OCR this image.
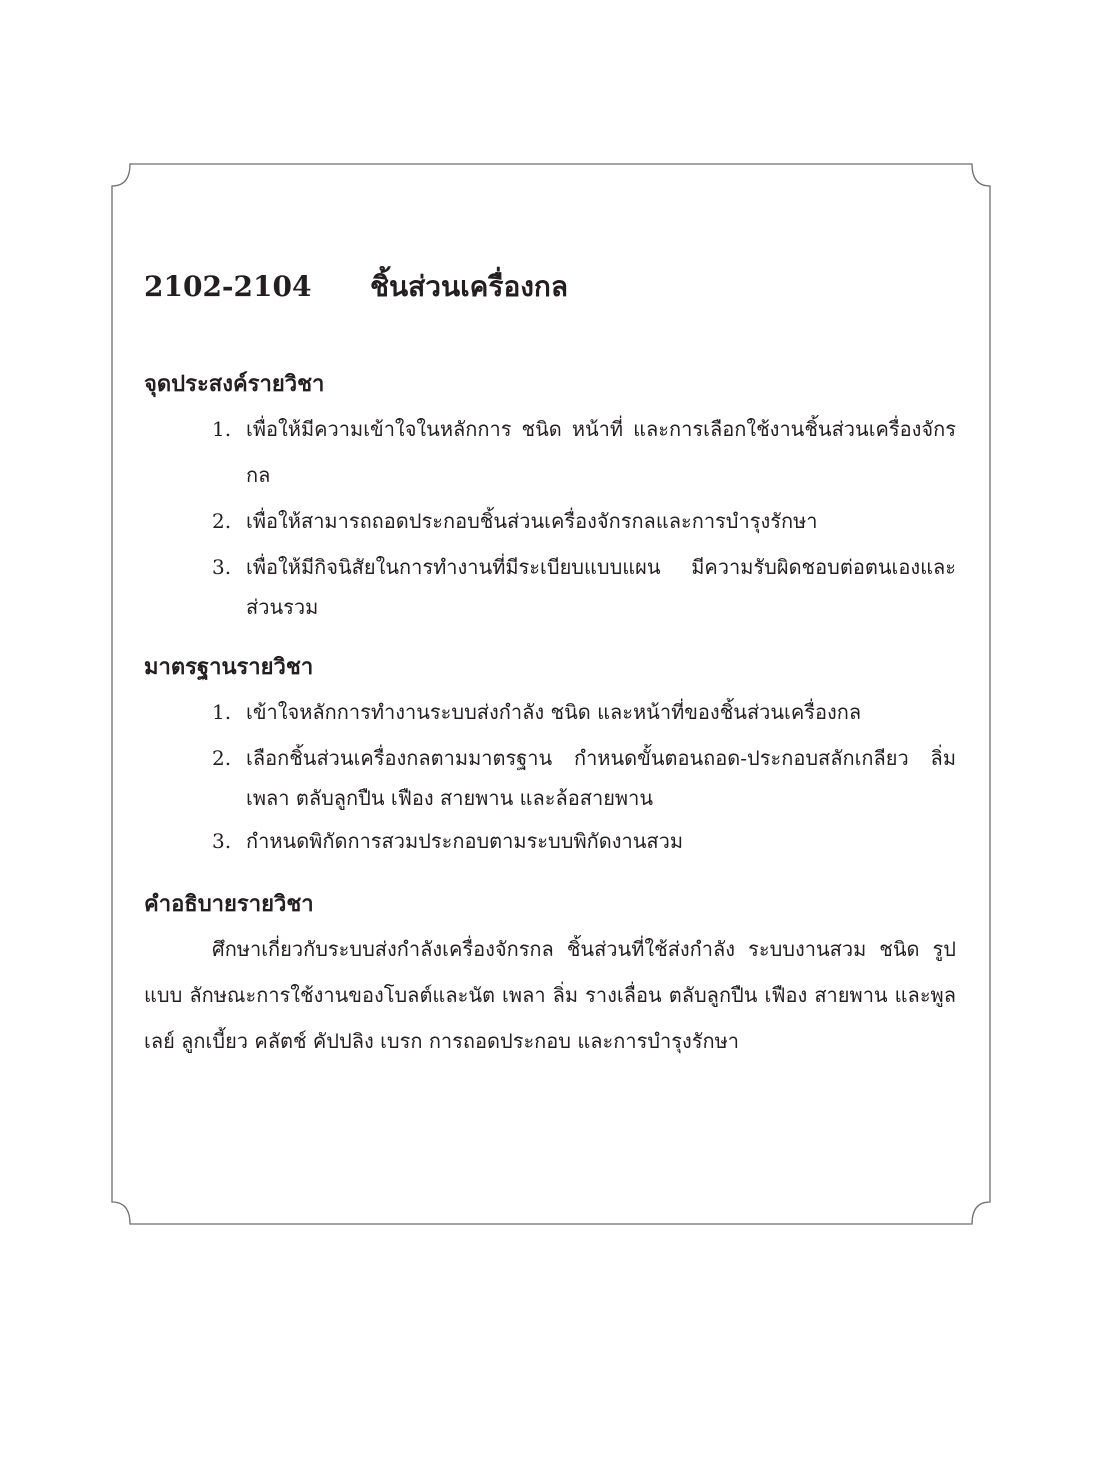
2102-2104	ชิ้นส่วนเครื่องกล
จุดประสงค์รายวิชา
1. เพื่อให้มีความเข้าใจในหลักการ ชนิด หน้าที่ และการเลือกใช้งานชิ้นส่วนเครื่องจักรกล
2. เพื่อให้สามารถถอดประกอบชิ้นส่วนเครื่องจักรกลและการบำรุงรักษา
3. เพื่อให้มีกิจนิสัยในการทำงานที่มีระเบียบแบบแผน มีความรับผิดชอบต่อตนเองและส่วนรวม
มาตรฐานรายวิชา
1. เข้าใจหลักการทำงานระบบส่งกำลัง ชนิด และหน้าที่ของชิ้นส่วนเครื่องกล
2. เลือกชิ้นส่วนเครื่องกลตามมาตรฐาน กำหนดขั้นตอนถอด-ประกอบสลักเกลียว ลิ่ม เพลา ตลับลูกปืน เฟือง สายพาน และล้อสายพาน
3. กำหนดพิกัดการสวมประกอบตามระบบพิกัดงานสวม
คำอธิบายรายวิชา

ศึกษาเกี่ยวกับระบบส่งกำลังเครื่องจักรกล ชิ้นส่วนที่ใช้ส่งกำลัง ระบบงานสวม ชนิด รูปแบบ ลักษณะการใช้งานของโบลต์และนัต เพลา ลิ่ม รางเลื่อน ตลับลูกปืน เฟือง สายพาน และพูลเลย์ ลูกเบี้ยว คลัตช์ คัปปลิง เบรก การถอดประกอบ และการบำรุงรักษา
